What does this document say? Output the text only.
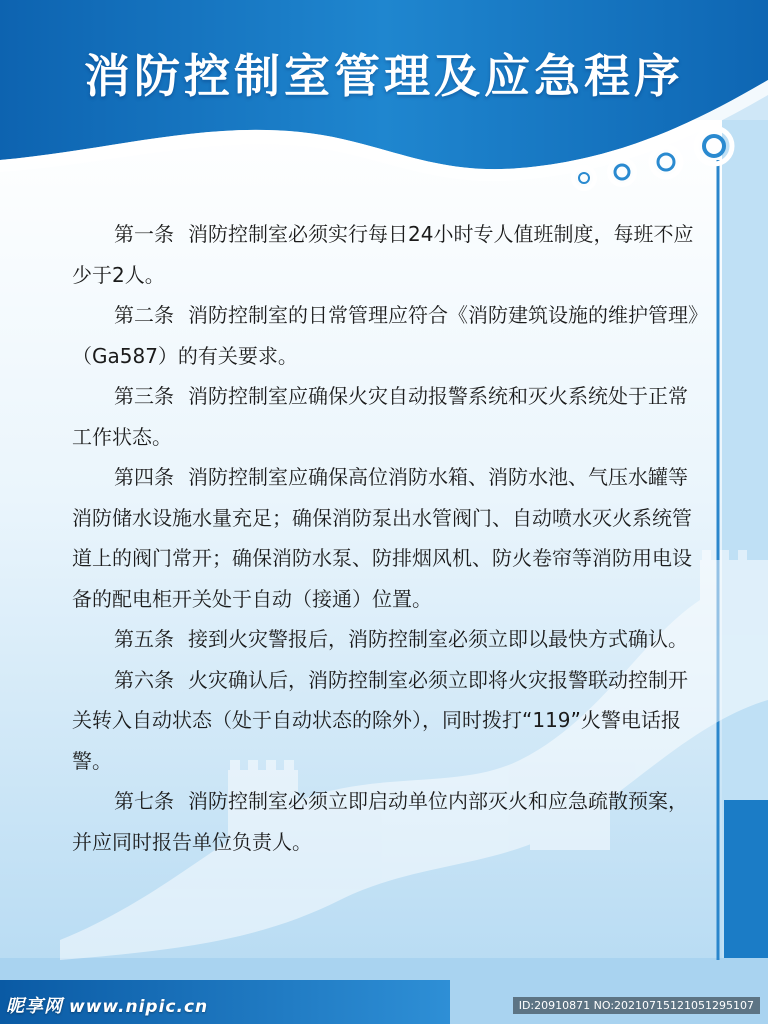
消防控制室管理及应急程序

第一条 消防控制室必须实行每日24小时专人值班制度，每班不应少于2人。

第二条 消防控制室的日常管理应符合《消防建筑设施的维护管理》（Ga587）的有关要求。

第三条 消防控制室应确保火灾自动报警系统和灭火系统处于正常工作状态。

第四条 消防控制室应确保高位消防水箱、消防水池、气压水罐等消防储水设施水量充足；确保消防泵出水管阀门、自动喷水灭火系统管道上的阀门常开；确保消防水泵、防排烟风机、防火卷帘等消防用电设备的配电柜开关处于自动（接通）位置。

第五条 接到火灾警报后，消防控制室必须立即以最快方式确认。

第六条 火灾确认后，消防控制室必须立即将火灾报警联动控制开关转入自动状态（处于自动状态的除外），同时拨打“119”火警电话报警。

第七条 消防控制室必须立即启动单位内部灭火和应急疏散预案，并应同时报告单位负责人。

昵享网 www.nipic.cn	ID:20910871 NO:20210715121051295107
